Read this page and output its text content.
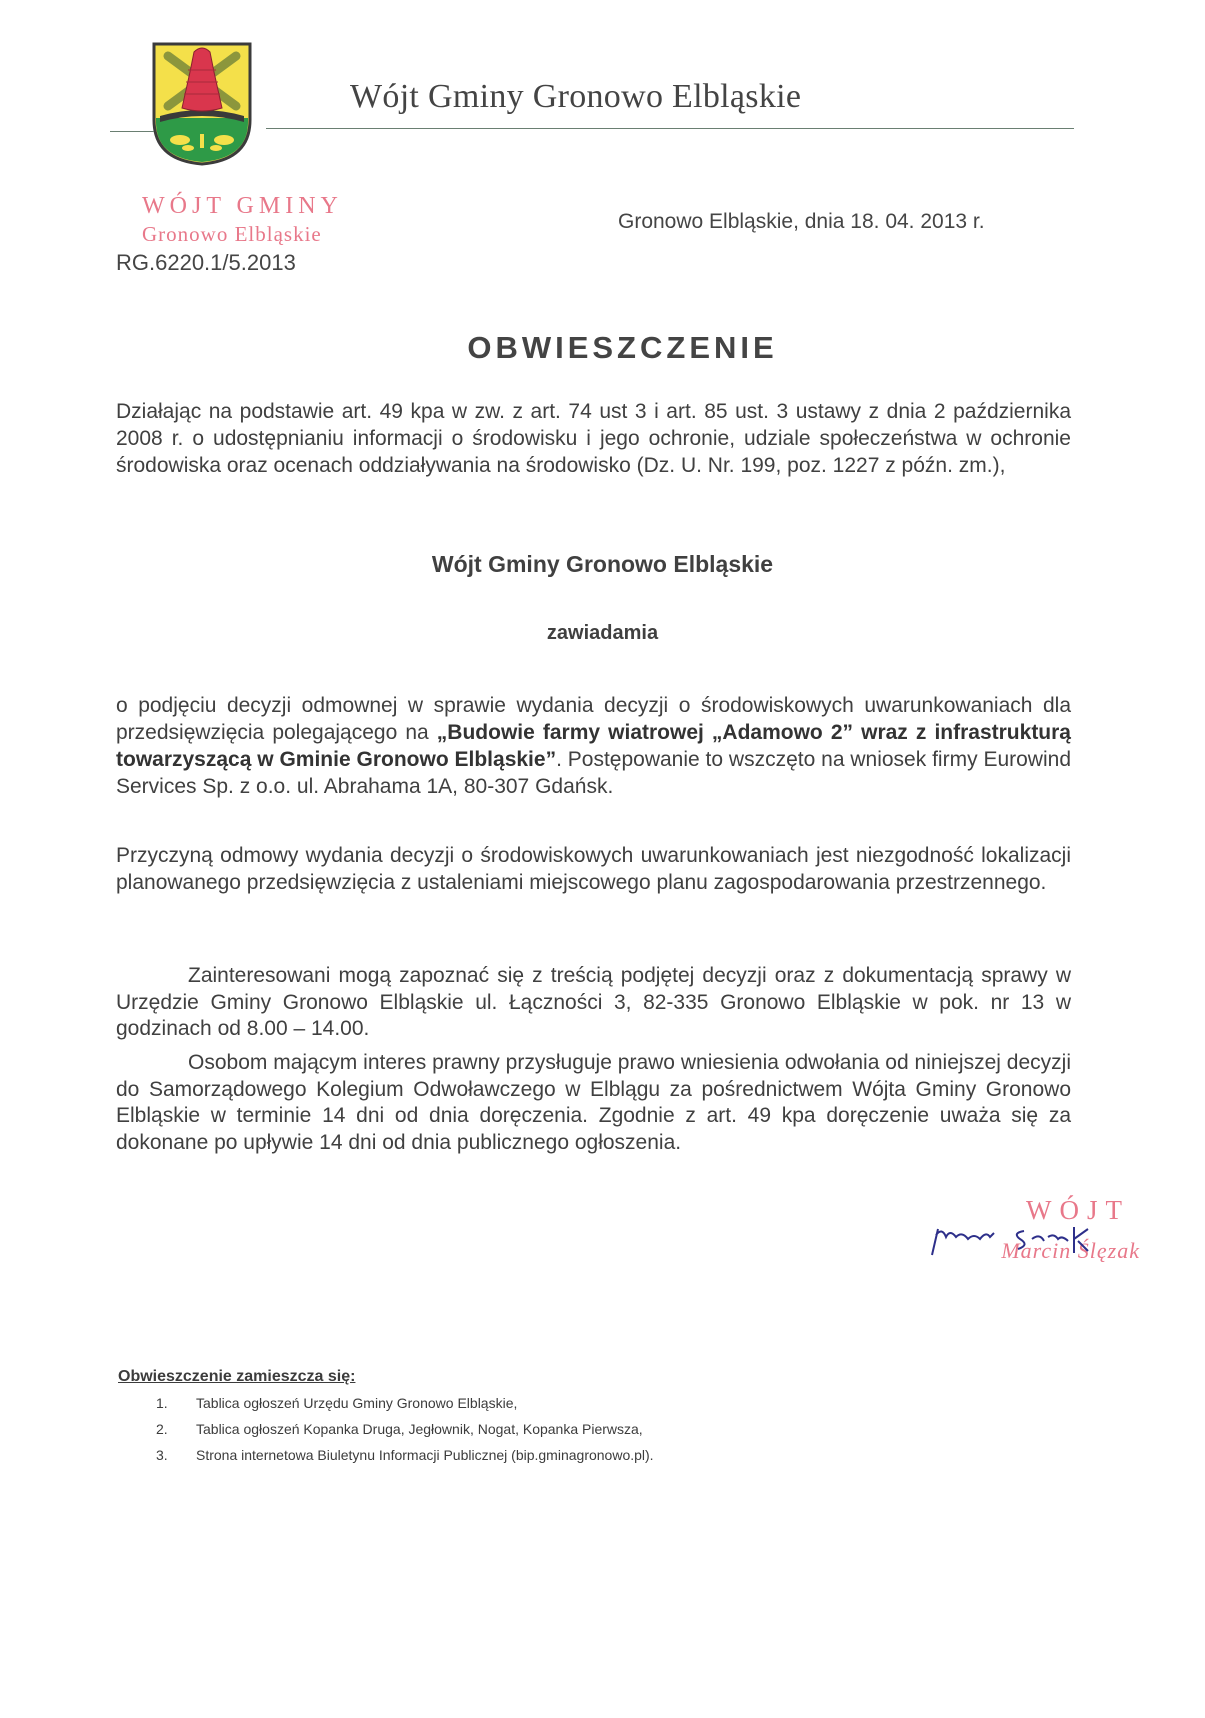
Wójt Gminy Gronowo Elbląskie
WÓJT GMINY
Gronowo Elbląskie
RG.6220.1/5.2013
Gronowo Elbląskie, dnia 18. 04. 2013 r.
OBWIESZCZENIE
Działając na podstawie art. 49 kpa w zw. z art. 74 ust 3 i art. 85 ust. 3 ustawy z dnia 2 października 2008 r. o udostępnianiu informacji o środowisku i jego ochronie, udziale społeczeństwa w ochronie środowiska oraz ocenach oddziaływania na środowisko (Dz. U. Nr. 199, poz. 1227 z późn. zm.),
Wójt Gminy Gronowo Elbląskie
zawiadamia
o podjęciu decyzji odmownej w sprawie wydania decyzji o środowiskowych uwarunkowaniach dla przedsięwzięcia polegającego na „Budowie farmy wiatrowej „Adamowo 2” wraz z infrastrukturą towarzyszącą w Gminie Gronowo Elbląskie”. Postępowanie to wszczęto na wniosek firmy Eurowind Services Sp. z o.o. ul. Abrahama 1A, 80-307 Gdańsk.
Przyczyną odmowy wydania decyzji o środowiskowych uwarunkowaniach jest niezgodność lokalizacji planowanego przedsięwzięcia z ustaleniami miejscowego planu zagospodarowania przestrzennego.
Zainteresowani mogą zapoznać się z treścią podjętej decyzji oraz z dokumentacją sprawy w Urzędzie Gminy Gronowo Elbląskie ul. Łączności 3, 82-335 Gronowo Elbląskie w pok. nr 13 w godzinach od 8.00 – 14.00.
Osobom mającym interes prawny przysługuje prawo wniesienia odwołania od niniejszej decyzji do Samorządowego Kolegium Odwoławczego w Elblągu za pośrednictwem Wójta Gminy Gronowo Elbląskie w terminie 14 dni od dnia doręczenia. Zgodnie z art. 49 kpa doręczenie uważa się za dokonane po upływie 14 dni od dnia publicznego ogłoszenia.
WÓJT
Marcin Ślęzak
Obwieszczenie zamieszcza się:
1.	Tablica ogłoszeń Urzędu Gminy Gronowo Elbląskie,
2.	Tablica ogłoszeń Kopanka Druga, Jegłownik, Nogat, Kopanka Pierwsza,
3.	Strona internetowa Biuletynu Informacji Publicznej (bip.gminagronowo.pl).
